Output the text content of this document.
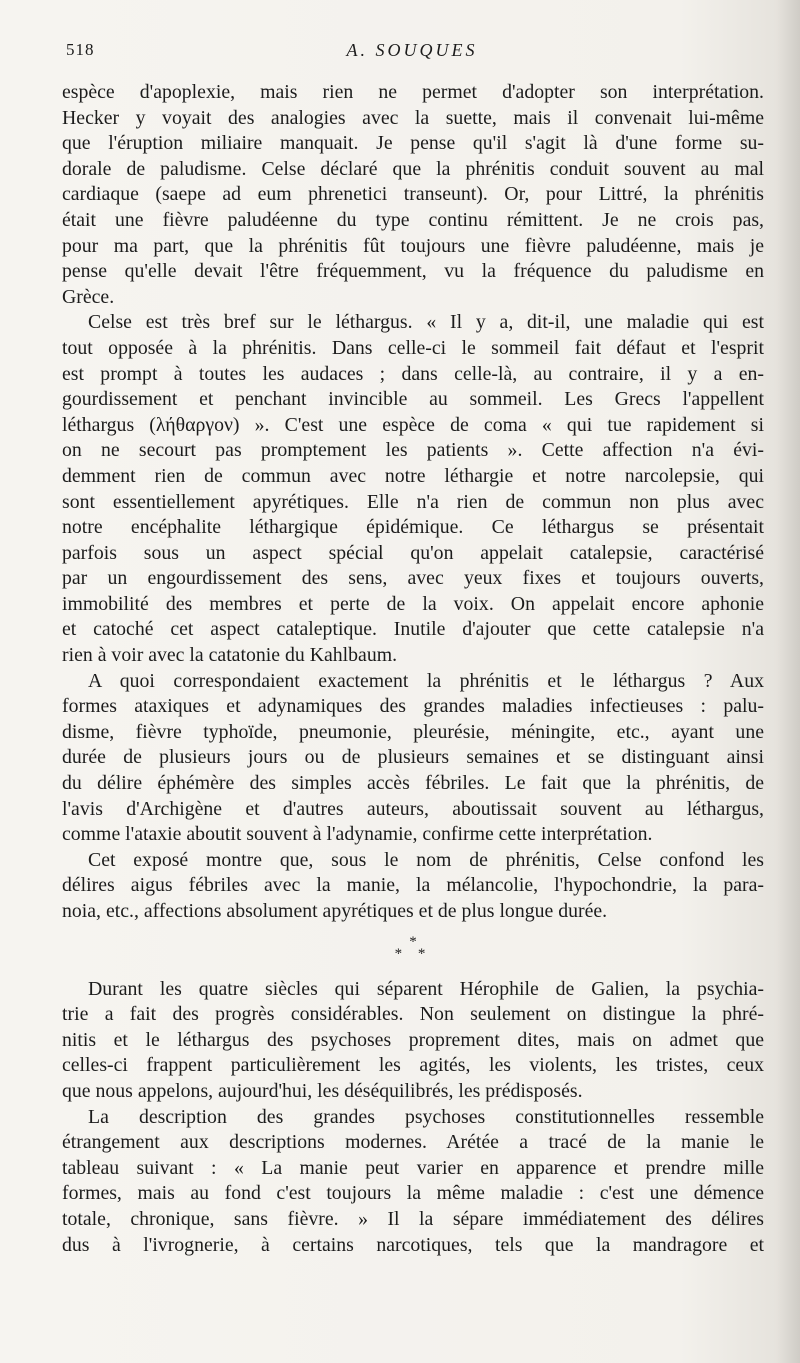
518	A. SOUQUES
espèce d'apoplexie, mais rien ne permet d'adopter son interprétation.
Hecker y voyait des analogies avec la suette, mais il convenait lui-même
que l'éruption miliaire manquait. Je pense qu'il s'agit là d'une forme su-
dorale de paludisme. Celse déclaré que la phrénitis conduit souvent au mal
cardiaque (saepe ad eum phrenetici transeunt). Or, pour Littré, la phrénitis
était une fièvre paludéenne du type continu rémittent. Je ne crois pas,
pour ma part, que la phrénitis fût toujours une fièvre paludéenne, mais je
pense qu'elle devait l'être fréquemment, vu la fréquence du paludisme en
Grèce.
Celse est très bref sur le léthargus. « Il y a, dit-il, une maladie qui est
tout opposée à la phrénitis. Dans celle-ci le sommeil fait défaut et l'esprit
est prompt à toutes les audaces ; dans celle-là, au contraire, il y a en-
gourdissement et penchant invincible au sommeil. Les Grecs l'appellent
léthargus (λήθαργον) ». C'est une espèce de coma « qui tue rapidement si
on ne secourt pas promptement les patients ». Cette affection n'a évi-
demment rien de commun avec notre léthargie et notre narcolepsie, qui
sont essentiellement apyrétiques. Elle n'a rien de commun non plus avec
notre encéphalite léthargique épidémique. Ce léthargus se présentait
parfois sous un aspect spécial qu'on appelait catalepsie, caractérisé
par un engourdissement des sens, avec yeux fixes et toujours ouverts,
immobilité des membres et perte de la voix. On appelait encore aphonie
et catoché cet aspect cataleptique. Inutile d'ajouter que cette catalepsie n'a
rien à voir avec la catatonie du Kahlbaum.
A quoi correspondaient exactement la phrénitis et le léthargus ? Aux
formes ataxiques et adynamiques des grandes maladies infectieuses : palu-
disme, fièvre typhoïde, pneumonie, pleurésie, méningite, etc., ayant une
durée de plusieurs jours ou de plusieurs semaines et se distinguant ainsi
du délire éphémère des simples accès fébriles. Le fait que la phrénitis, de
l'avis d'Archigène et d'autres auteurs, aboutissait souvent au léthargus,
comme l'ataxie aboutit souvent à l'adynamie, confirme cette interprétation.
Cet exposé montre que, sous le nom de phrénitis, Celse confond les
délires aigus fébriles avec la manie, la mélancolie, l'hypochondrie, la para-
noia, etc., affections absolument apyrétiques et de plus longue durée.
*
* *
Durant les quatre siècles qui séparent Hérophile de Galien, la psychia-
trie a fait des progrès considérables. Non seulement on distingue la phré-
nitis et le léthargus des psychoses proprement dites, mais on admet que
celles-ci frappent particulièrement les agités, les violents, les tristes, ceux
que nous appelons, aujourd'hui, les déséquilibrés, les prédisposés.
La description des grandes psychoses constitutionnelles ressemble
étrangement aux descriptions modernes. Arétée a tracé de la manie le
tableau suivant : « La manie peut varier en apparence et prendre mille
formes, mais au fond c'est toujours la même maladie : c'est une démence
totale, chronique, sans fièvre. » Il la sépare immédiatement des délires
dus à l'ivrognerie, à certains narcotiques, tels que la mandragore et
